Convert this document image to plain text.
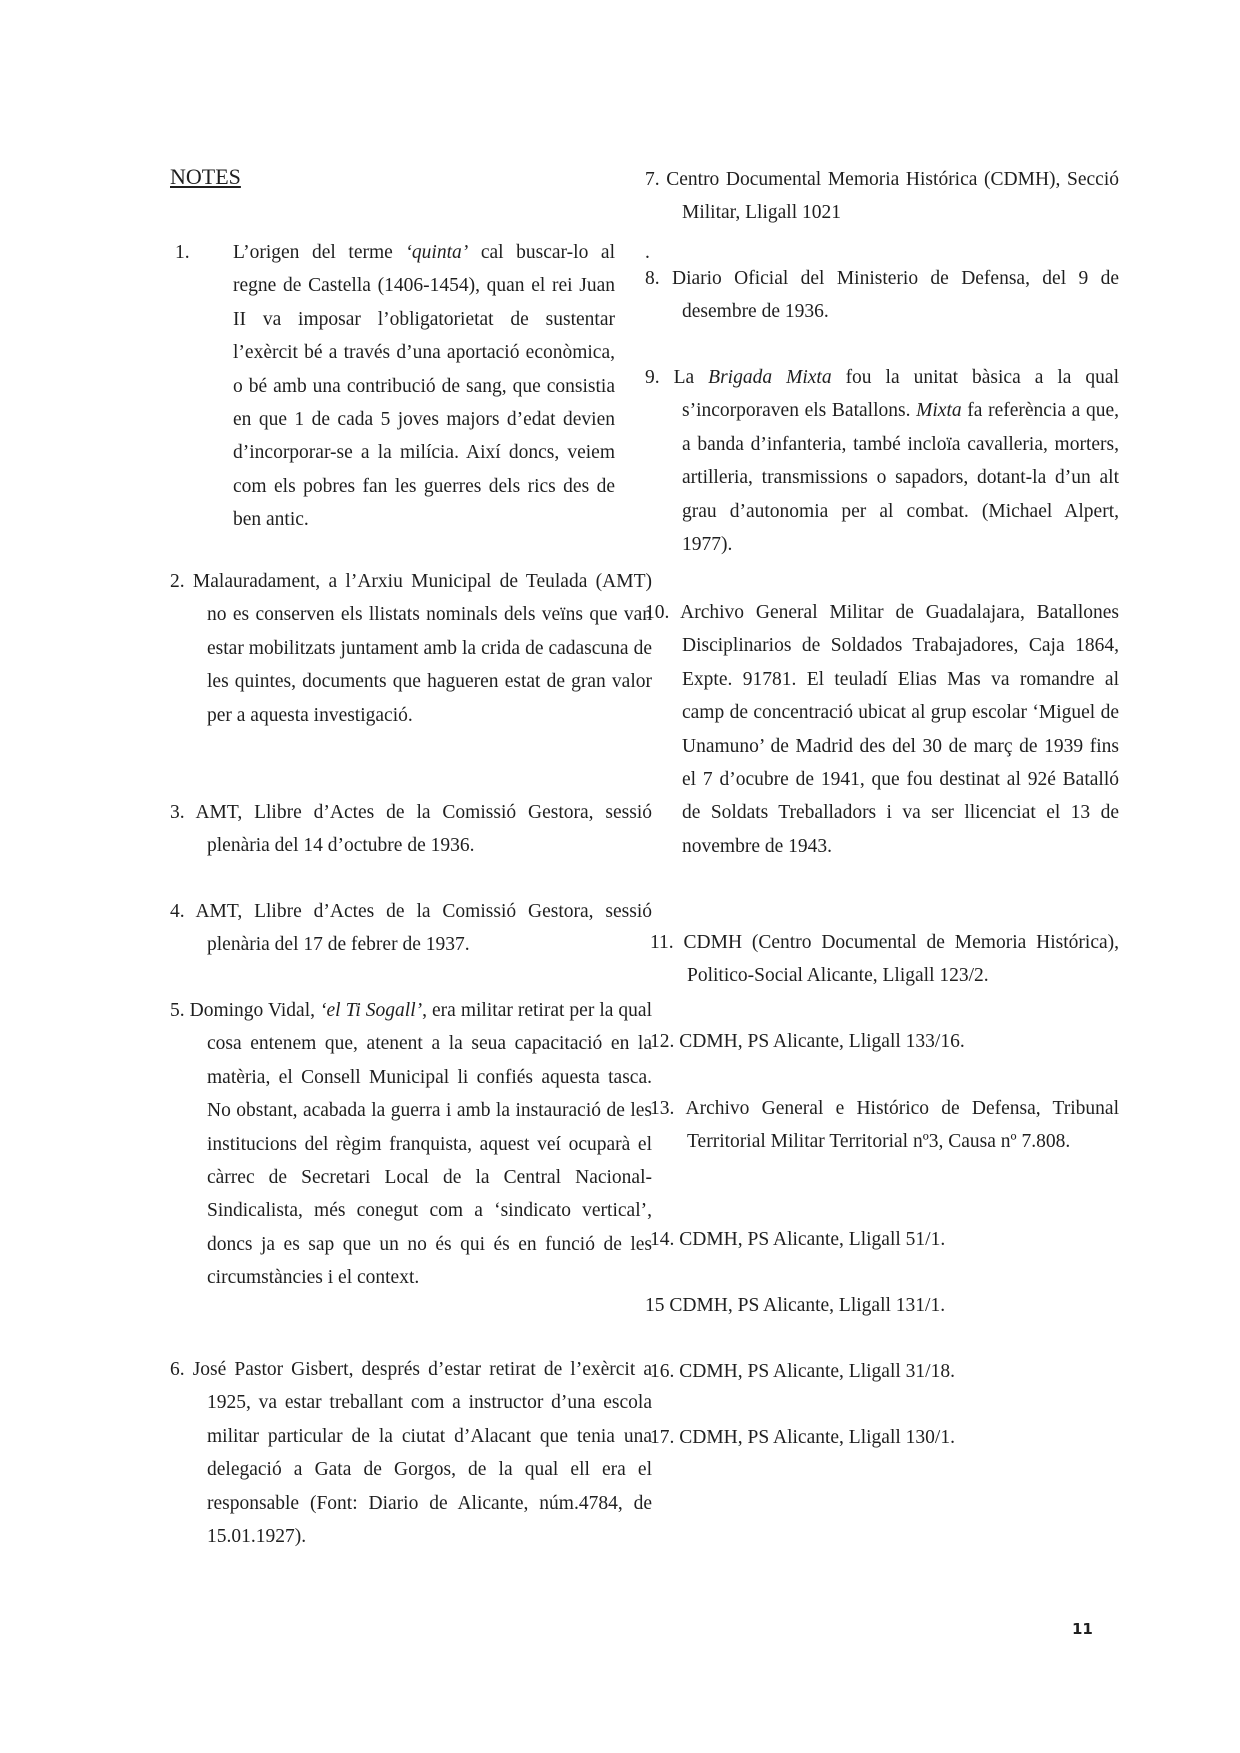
NOTES
1. L’origen del terme ‘quinta’ cal buscar-lo al regne de Castella (1406-1454), quan el rei Juan II va imposar l’obligatorietat de sustentar l’exèrcit bé a través d’una aportació econòmica, o bé amb una contribució de sang, que consistia en que 1 de cada 5 joves majors d’edat devien d’incorporar-se a la milícia. Així doncs, veiem com els pobres fan les guerres dels rics des de ben antic.
2. Malauradament, a l’Arxiu Municipal de Teulada (AMT) no es conserven els llistats nominals dels veïns que van estar mobilitzats juntament amb la crida de cadascuna de les quintes, documents que hagueren estat de gran valor per a aquesta investigació.
3. AMT, Llibre d’Actes de la Comissió Gestora, sessió plenària del 14 d’octubre de 1936.
4. AMT, Llibre d’Actes de la Comissió Gestora, sessió plenària del 17 de febrer de 1937.
5. Domingo Vidal, ‘el Ti Sogall’, era militar retirat per la qual cosa entenem que, atenent a la seua capacitació en la matèria, el Consell Municipal li confiés aquesta tasca. No obstant, acabada la guerra i amb la instauració de les institucions del règim franquista, aquest veí ocuparà el càrrec de Secretari Local de la Central Nacional-Sindicalista, més conegut com a ‘sindicato vertical’, doncs ja es sap que un no és qui és en funció de les circumstàncies i el context.
6. José Pastor Gisbert, després d’estar retirat de l’exèrcit a 1925, va estar treballant com a instructor d’una escola militar particular de la ciutat d’Alacant que tenia una delegació a Gata de Gorgos, de la qual ell era el responsable (Font: Diario de Alicante, núm.4784, de 15.01.1927).
7. Centro Documental Memoria Histórica (CDMH), Secció Militar, Lligall 1021
.
8. Diario Oficial del Ministerio de Defensa, del 9 de desembre de 1936.
9. La Brigada Mixta fou la unitat bàsica a la qual s’incorporaven els Batallons. Mixta fa referència a que, a banda d’infanteria, també incloïa cavalleria, morters, artilleria, transmissions o sapadors, dotant-la d’un alt grau d’autonomia per al combat. (Michael Alpert, 1977).
10. Archivo General Militar de Guadalajara, Batallones Disciplinarios de Soldados Trabajadores, Caja 1864, Expte. 91781. El teuladí Elias Mas va romandre al camp de concentració ubicat al grup escolar ‘Miguel de Unamuno’ de Madrid des del 30 de març de 1939 fins el 7 d’ocubre de 1941, que fou destinat al 92é Batalló de Soldats Treballadors i va ser llicenciat el 13 de novembre de 1943.
11. CDMH (Centro Documental de Memoria Histórica), Politico-Social Alicante, Lligall 123/2.
12. CDMH, PS Alicante, Lligall 133/16.
13. Archivo General e Histórico de Defensa, Tribunal Territorial Militar Territorial nº3, Causa nº 7.808.
14. CDMH, PS Alicante, Lligall 51/1.
15 CDMH, PS Alicante, Lligall 131/1.
16. CDMH, PS Alicante, Lligall 31/18.
17. CDMH, PS Alicante, Lligall 130/1.
11
